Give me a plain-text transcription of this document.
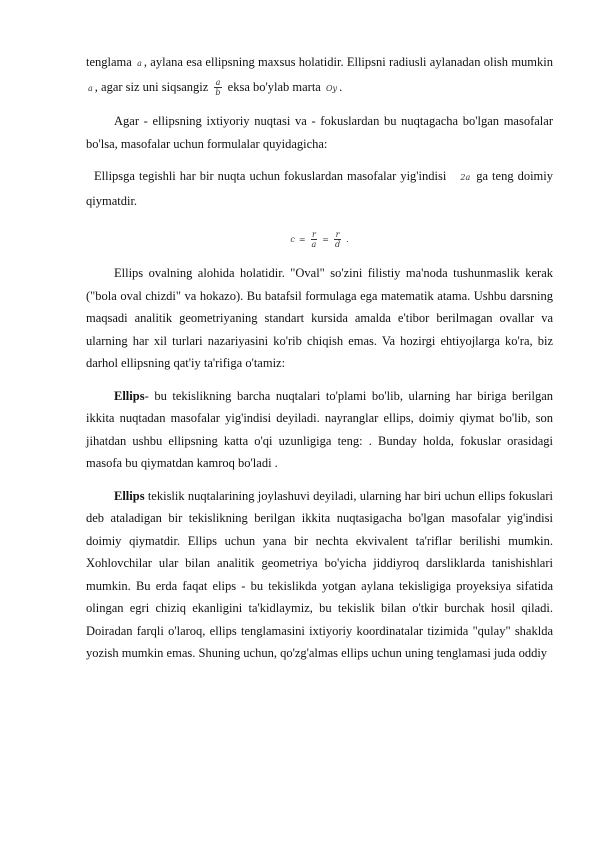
tenglama a , aylana esa ellipsning maxsus holatidir. Ellipsni radiusli aylanadan olish mumkin a , agar siz uni siqsangiz $\frac{a}{b}$ eksa bo'ylab marta Oy .

Agar - ellipsning ixtiyoriy nuqtasi va - fokuslardan bu nuqtagacha bo'lgan masofalar bo'lsa, masofalar uchun formulalar quyidagicha:

Ellipsga tegishli har bir nuqta uchun fokuslardan masofalar yig'indisi 2a ga teng doimiy qiymatdir.

$c = \frac{r}{a} = \frac{r}{d}$ .

Ellips ovalning alohida holatidir. "Oval" so'zini filistiy ma'noda tushunmaslik kerak ("bola oval chizdi" va hokazo). Bu batafsil formulaga ega matematik atama. Ushbu darsning maqsadi analitik geometriyaning standart kursida amalda e'tibor berilmagan ovallar va ularning har xil turlari nazariyasini ko'rib chiqish emas. Va hozirgi ehtiyojlarga ko'ra, biz darhol ellipsning qat'iy ta'rifiga o'tamiz:

Ellips- bu tekislikning barcha nuqtalari to'plami bo'lib, ularning har biriga berilgan ikkita nuqtadan masofalar yig'indisi deyiladi. nayranglar ellips, doimiy qiymat bo'lib, son jihatdan ushbu ellipsning katta o'qi uzunligiga teng: . Bunday holda, fokuslar orasidagi masofa bu qiymatdan kamroq bo'ladi .

Ellips tekislik nuqtalarining joylashuvi deyiladi, ularning har biri uchun ellips fokuslari deb ataladigan bir tekislikning berilgan ikkita nuqtasigacha bo'lgan masofalar yig'indisi doimiy qiymatdir. Ellips uchun yana bir nechta ekvivalent ta'riflar berilishi mumkin. Xohlovchilar ular bilan analitik geometriya bo'yicha jiddiyroq darsliklarda tanishishlari mumkin. Bu erda faqat elips - bu tekislikda yotgan aylana tekisligiga proyeksiya sifatida olingan egri chiziq ekanligini ta'kidlaymiz, bu tekislik bilan o'tkir burchak hosil qiladi. Doiradan farqli o'laroq, ellips tenglamasini ixtiyoriy koordinatalar tizimida "qulay" shaklda yozish mumkin emas. Shuning uchun, qo'zg'almas ellips uchun uning tenglamasi juda oddiy
